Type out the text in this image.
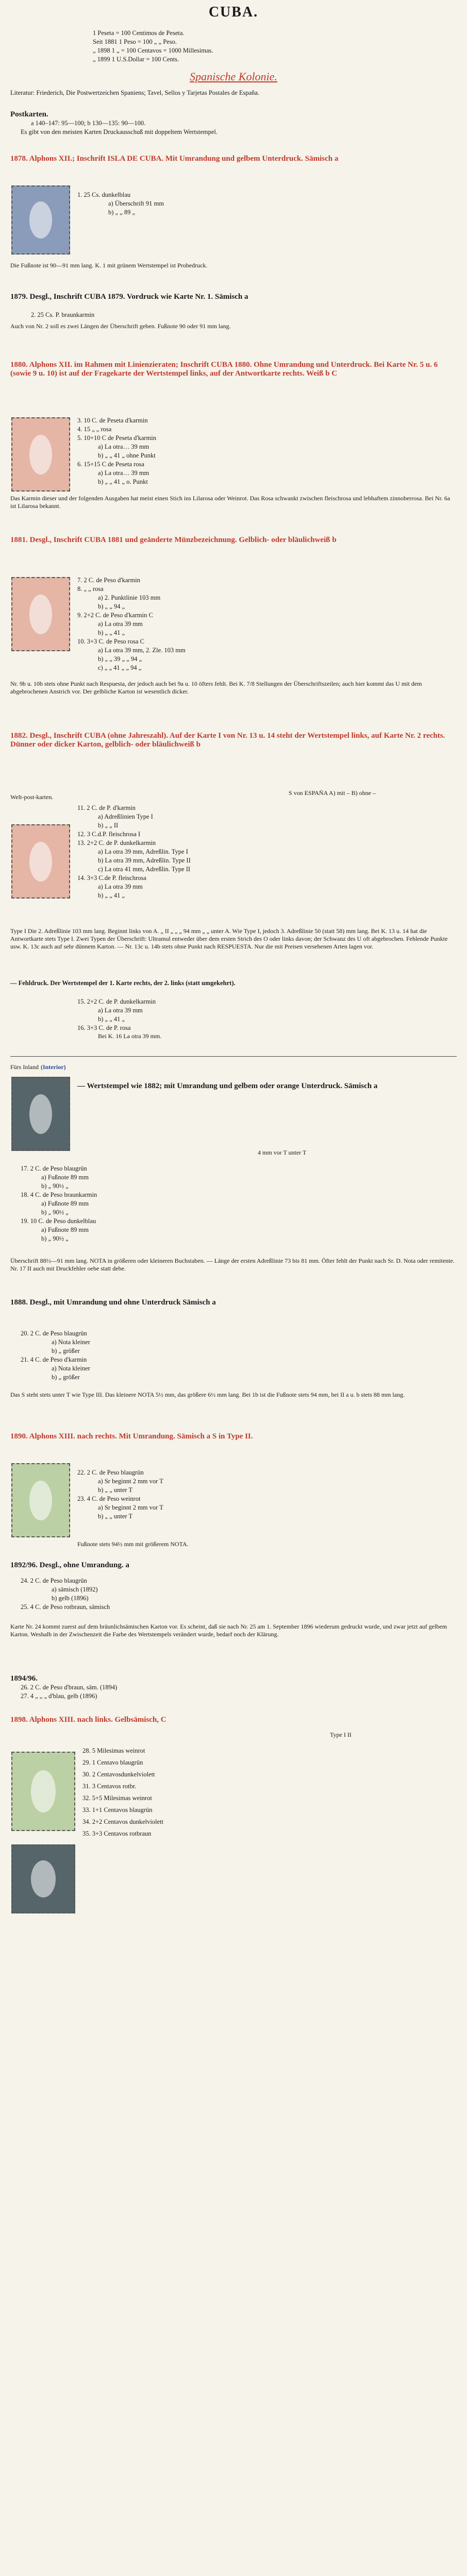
CUBA.
1 Peseta = 100 Centimos de Peseta.
Seit 1881 1 Peso = 100 „ „ Peso.
„ 1898 1 „ = 100 Centavos = 1000 Millesimas.
„ 1899 1 U.S.Dollar = 100 Cents.
Spanische Kolonie.
Literatur: Friederich, Die Postwertzeichen Spaniens; Tavel, Sellos y Tarjetas Postales de España.
Postkarten.
a 140–147: 95—100; b 130—135: 90—100.
Es gibt von den meisten Karten Druckausschuß mit doppeltem Wertstempel.
1878. Alphons XII.; Inschrift ISLA DE CUBA. Mit Umrandung und gelbem Unterdruck. Sämisch a
1. 25 Cs. dunkelblau
a) Überschrift 91 mm
b) „ „ 89 „
Die Fußnote ist 90—91 mm lang. K. 1 mit grünem Wertstempel ist Probedruck.
1879. Desgl., Inschrift CUBA 1879. Vordruck wie Karte Nr. 1. Sämisch a
2. 25 Cs. P. braunkarmin
Auch von Nr. 2 soll es zwei Längen der Überschrift geben. Fußnote 90 oder 91 mm lang.
1880. Alphons XII. im Rahmen mit Linienzieraten; Inschrift CUBA 1880. Ohne Umrandung und Unterdruck. Bei Karte Nr. 5 u. 6 (sowie 9 u. 10) ist auf der Fragekarte der Wertstempel links, auf der Antwortkarte rechts. Weiß b C
3. 10 C. de Peseta d'karmin
4. 15 „ „ rosa
5. 10+10 C de Peseta d'karmin
a) La otra… 39 mm
b) „ „ 41 „ ohne Punkt
6. 15+15 C de Peseta rosa
a) La otra… 39 mm
b) „ „ 41 „ o. Punkt
Das Karmin dieser und der folgenden Ausgaben hat meist einen Stich ins Lilarosa oder Weinrot. Das Rosa schwankt zwischen fleischrosa und lebhaftem zinnoberrosa. Bei Nr. 6a ist Lilarosa bekannt.
1881. Desgl., Inschrift CUBA 1881 und geänderte Münzbezeichnung. Gelblich- oder bläulichweiß b
7. 2 C. de Peso d'karmin
8. „ „ rosa
a) 2. Punktlinie 103 mm
b) „ „ 94 „
9. 2+2 C. de Peso d'karmin C
a) La otra 39 mm
b) „ „ 41 „
10. 3+3 C. de Peso rosa C
a) La otra 39 mm, 2. Zle. 103 mm
b) „ „ 39 „ „ 94 „
c) „ „ 41 „ „ 94 „
Nr. 9b u. 10b stets ohne Punkt nach Respuesta, der jedoch auch bei 9a u. 10 öfters fehlt. Bei K. 7/8 Stellungen der Überschriftszeilen; auch hier kommt das U mit dem abgebrochenen Anstrich vor. Der gelbliche Karton ist wesentlich dicker.
1882. Desgl., Inschrift CUBA (ohne Jahreszahl). Auf der Karte I von Nr. 13 u. 14 steht der Wertstempel links, auf Karte Nr. 2 rechts. Dünner oder dicker Karton, gelblich- oder bläulichweiß b
Welt-post-karten.
S von ESPAÑA A) mit – B) ohne –
11. 2 C. de P. d'karmin
a) Adreßlinien Type I
b) „ „ II
12. 3 C.d.P. fleischrosa I
13. 2+2 C. de P. dunkelkarmin
a) La otra 39 mm, Adreßlin. Type I
b) La otra 39 mm, Adreßlin. Type II
c) La otra 41 mm, Adreßlin. Type II
14. 3+3 C.de P. fleischrosa
a) La otra 39 mm
b) „ „ 41 „
Type I Die 2. Adreßlinie 103 mm lang. Beginnt links von A. „ II „ „ „ 94 mm „ „ unter A. Wie Type I, jedoch 3. Adreßlinie 50 (statt 58) mm lang. Bei K. 13 u. 14 hat die Antwortkarte stets Type I. Zwei Typen der Überschrift: Ultramul entweder über dem ersten Strich des O oder links davon; der Schwanz des U oft abgebrochen. Fehlende Punkte usw. K. 13c auch auf sehr dünnem Karton. — Nr. 13c u. 14b stets ohne Punkt nach RESPUESTA. Nur die mit Preisen versehenen Arten lagen vor.
— Fehldruck. Der Wertstempel der 1. Karte rechts, der 2. links (statt umgekehrt).
15. 2+2 C. de P. dunkelkarmin
a) La otra 39 mm
b) „ „ 41 „
16. 3+3 C. de P. rosa
Bei K. 16 La otra 39 mm.
Fürs Inland (Interior)
— Wertstempel wie 1882; mit Umrandung und gelbem oder orange Unterdruck. Sämisch a
4 mm vor T unter T
17. 2 C. de Peso blaugrün
a) Fußnote 89 mm
b) „ 90½ „
18. 4 C. de Peso braunkarmin
a) Fußnote 89 mm
b) „ 90½ „
19. 10 C. de Peso dunkelblau
a) Fußnote 89 mm
b) „ 90½ „
Überschrift 88½—91 mm lang. NOTA in größeren oder kleineren Buchstaben. — Länge der ersten Adreßlinie 73 bis 81 mm. Öfter fehlt der Punkt nach Sr. D. Nota oder remitente. Nr. 17 II auch mit Druckfehler oebe statt debe.
1888. Desgl., mit Umrandung und ohne Unterdruck Sämisch a
20. 2 C. de Peso blaugrün
a) Nota kleiner
b) „ größer
21. 4 C. de Peso d'karmin
a) Nota kleiner
b) „ größer
Das S steht stets unter T wie Type III. Das kleinere NOTA 5½ mm, das größere 6½ mm lang. Bei 1b ist die Fußnote stets 94 mm, bei II a u. b stets 88 mm lang.
1890. Alphons XIII. nach rechts. Mit Umrandung. Sämisch a S in Type II.
22. 2 C. de Peso blaugrün
a) Sr beginnt 2 mm vor T
b) „ „ unter T
23. 4 C. de Peso weinrot
a) Sr beginnt 2 mm vor T
b) „ „ unter T
Fußnote stets 94½ mm mit größerem NOTA.
1892/96. Desgl., ohne Umrandung. a
24. 2 C. de Peso blaugrün
a) sämisch (1892)
b) gelb (1896)
25. 4 C. de Peso rotbraun, sämisch
Karte Nr. 24 kommt zuerst auf dem bräunlichsämischen Karton vor. Es scheint, daß sie nach Nr. 25 am 1. September 1896 wiederum gedruckt wurde, und zwar jetzt auf gelbem Karton. Weshalb in der Zwischenzeit die Farbe des Wertstempels verändert wurde, bedarf noch der Klärung.
1894/96.
26. 2 C. de Peso d'braun, säm. (1894)
27. 4 „ „ „ d'blau, gelb (1896)
1898. Alphons XIII. nach links. Gelbsämisch, C
Type I II
28. 5 Milesimas weinrot
29. 1 Centavo blaugrün
30. 2 Centavosdunkelviolett
31. 3 Centavos rotbr.
32. 5+5 Milesimas weinrot
33. 1+1 Centavos blaugrün
34. 2+2 Centavos dunkelviolett
35. 3+3 Centavos rotbraun
